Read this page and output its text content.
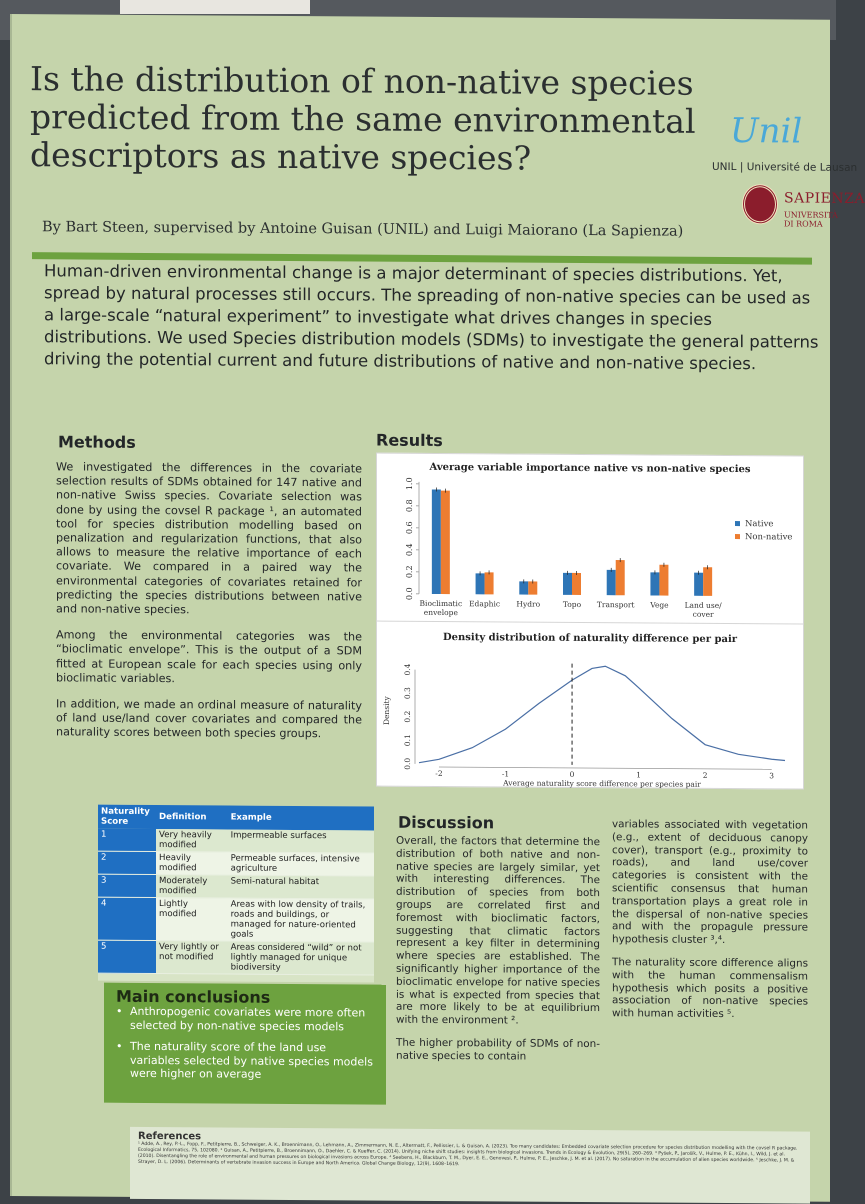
Is the distribution of non-native species predicted from the same environmental descriptors as native species?
Unil
UNIL | Université de Lausan
SAPIENZA
UNIVERSITÀ DI ROMA
By Bart Steen, supervised by Antoine Guisan (UNIL) and Luigi Maiorano (La Sapienza)
Human-driven environmental change is a major determinant of species distributions. Yet, spread by natural processes still occurs. The spreading of non-native species can be used as a large-scale “natural experiment” to investigate what drives changes in species distributions. We used Species distribution models (SDMs) to investigate the general patterns driving the potential current and future distributions of native and non-native species.
Methods

We investigated the differences in the covariate selection results of SDMs obtained for 147 native and non-native Swiss species. Covariate selection was done by using the covsel R package ¹, an automated tool for species distribution modelling based on penalization and regularization functions, that also allows to measure the relative importance of each covariate. We compared in a paired way the environmental categories of covariates retained for predicting the species distributions between native and non-native species.

Among the environmental categories was the “bioclimatic envelope”. This is the output of a SDM fitted at European scale for each species using only bioclimatic variables.

In addition, we made an ordinal measure of naturality of land use/land cover covariates and compared the naturality scores between both species groups.

Results
Average variable importance native vs non-native species
0.0
0.2
0.4
0.6
0.8
1.0
Bioclimatic envelope
Edaphic Hydro	Topo Transport Vege Land use/ cover
Native
Non-native
Density distribution of naturality difference per pair
0.0
0.1
0.2
0.3
0.4
Density
-2	-1	0	1	2	3
Average naturality score difference per species pair
Naturality Score	Definition	Example
1	Very heavily modified	Impermeable surfaces
2	Heavily modified	Permeable surfaces, intensive agriculture
3	Moderately modified	Semi-natural habitat
4	Lightly modified	Areas with low density of trails, roads and buildings, or managed for nature-oriented goals
5	Very lightly or not modified	Areas considered “wild” or not lightly managed for unique biodiversity
Main conclusions
• Anthropogenic covariates were more often selected by non-native species models
• The naturality score of the land use variables selected by native species models were higher on average
Discussion
Overall, the factors that determine the distribution of both native and non-native species are largely similar, yet with interesting differences. The distribution of species from both groups are correlated first and foremost with bioclimatic factors, suggesting that climatic factors represent a key filter in determining where species are established. The significantly higher importance of the bioclimatic envelope for native species is what is expected from species that are more likely to be at equilibrium with the environment ².
The higher probability of SDMs of non-native species to contain
variables associated with vegetation (e.g., extent of deciduous canopy cover), transport (e.g., proximity to roads), and land use/cover categories is consistent with the scientific consensus that human transportation plays a great role in the dispersal of non-native species and with the propagule pressure hypothesis cluster ³,⁴.
The naturality score difference aligns with the human commensalism hypothesis which posits a positive association of non-native species with human activities ⁵.
References
¹ Adde, A., Rey, P.-L., Fopp, F., Petitpierre, B., Schweiger, A. K., Broennimann, O., Lehmann, A., Zimmermann, N. E., Altermatt, F., Pellissier, L. & Guisan, A. (2023). Too many candidates: Embedded covariate selection procedure for species distribution modelling with the covsel R package. Ecological Informatics, 75, 102080. ² Guisan, A., Petitpierre, B., Broennimann, O., Daehler, C. & Kueffer, C. (2014). Unifying niche shift studies: insights from biological invasions. Trends in Ecology & Evolution, 29(5), 260–269. ³ Pyšek, P., Jarošík, V., Hulme, P. E., Kühn, I., Wild, J. et al. (2010). Disentangling the role of environmental and human pressures on biological invasions across Europe. ⁴ Seebens, H., Blackburn, T. M., Dyer, E. E., Genovesi, P., Hulme, P. E., Jeschke, J. M. et al. (2017). No saturation in the accumulation of alien species worldwide. ⁵ Jeschke, J. M. & Strayer, D. L. (2006). Determinants of vertebrate invasion success in Europe and North America. Global Change Biology, 12(9), 1608–1619.
